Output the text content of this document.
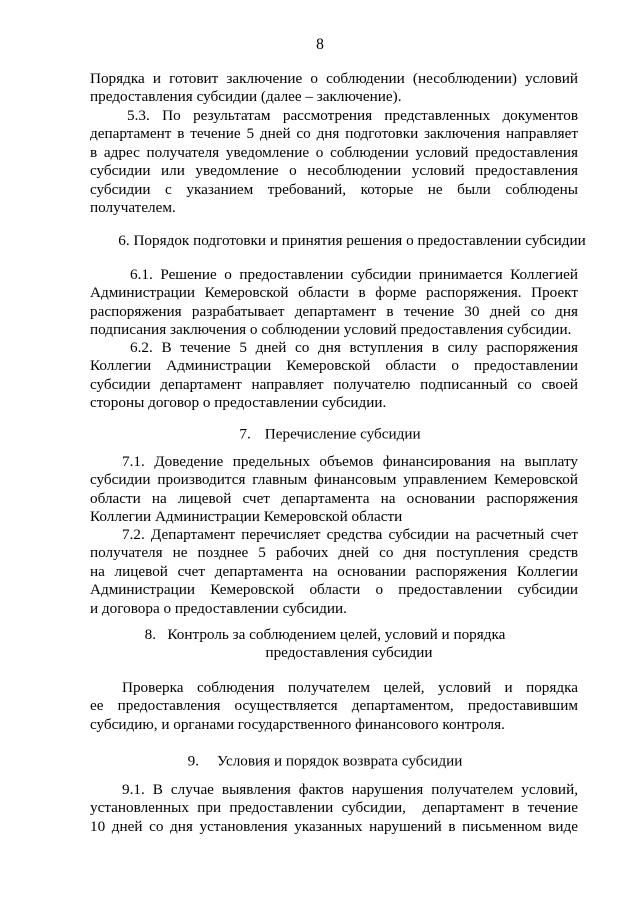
8
Порядка и готовит заключение о соблюдении (несоблюдении) условий
предоставления субсидии (далее – заключение).
5.3. По результатам рассмотрения представленных документов
департамент в течение 5 дней со дня подготовки заключения направляет
в адрес получателя уведомление о соблюдении условий предоставления
субсидии или уведомление о несоблюдении условий предоставления
субсидии с указанием требований, которые не были соблюдены
получателем.
6. Порядок подготовки и принятия решения о предоставлении субсидии
6.1. Решение о предоставлении субсидии принимается Коллегией
Администрации Кемеровской области в форме распоряжения. Проект
распоряжения разрабатывает департамент в течение 30 дней со дня
подписания заключения о соблюдении условий предоставления субсидии.
6.2. В течение 5 дней со дня вступления в силу распоряжения
Коллегии Администрации Кемеровской области о предоставлении
субсидии департамент направляет получателю подписанный со своей
стороны договор о предоставлении субсидии.
7. Перечисление субсидии
7.1. Доведение предельных объемов финансирования на выплату
субсидии производится главным финансовым управлением Кемеровской
области на лицевой счет департамента на основании распоряжения
Коллегии Администрации Кемеровской области
7.2. Департамент перечисляет средства субсидии на расчетный счет
получателя не позднее 5 рабочих дней со дня поступления средств
на лицевой счет департамента на основании распоряжения Коллегии
Администрации Кемеровской области о предоставлении субсидии
и договора о предоставлении субсидии.
8.   Контроль за соблюдением целей, условий и порядка
предоставления субсидии
Проверка соблюдения получателем целей, условий и порядка
ее предоставления осуществляется департаментом, предоставившим
субсидию, и органами государственного финансового контроля.
9. Условия и порядок возврата субсидии
9.1. В случае выявления фактов нарушения получателем условий,
установленных при предоставлении субсидии,  департамент в течение
10 дней со дня установления указанных нарушений в письменном виде
